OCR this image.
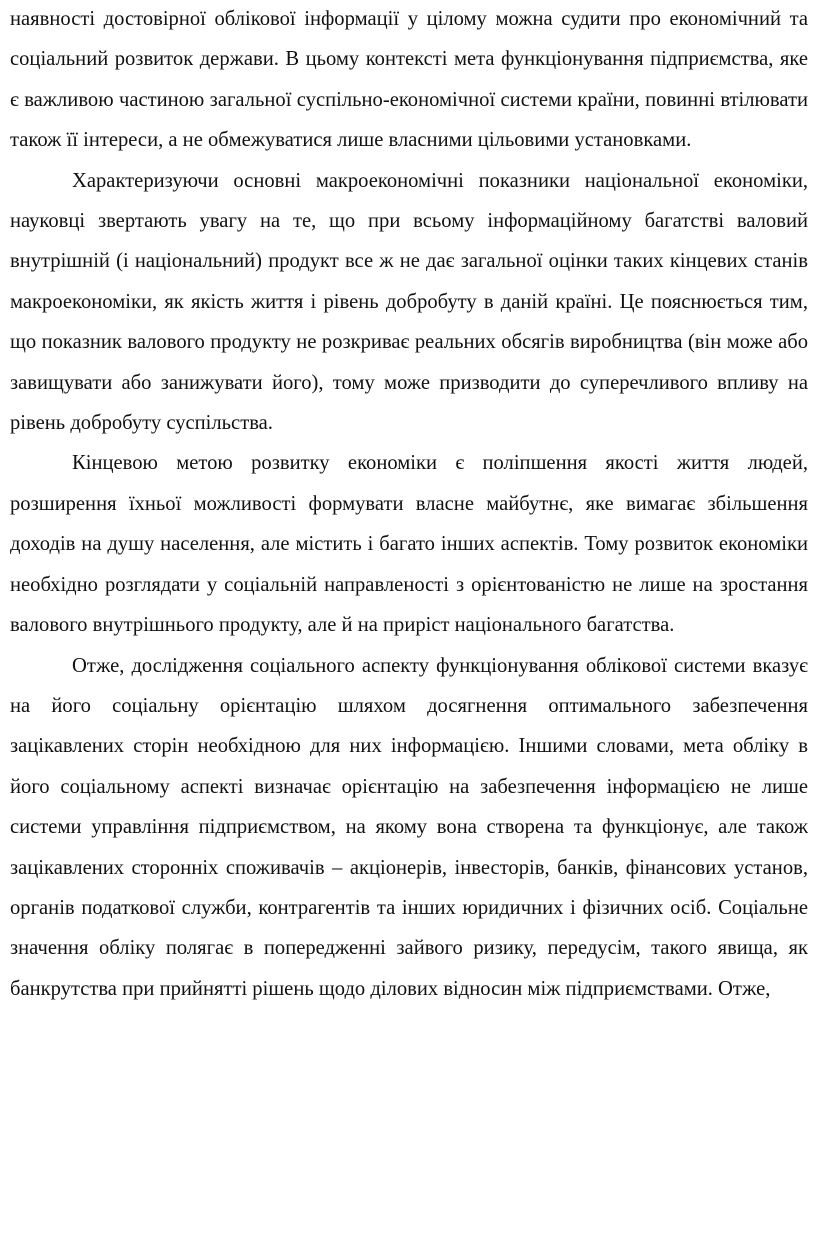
наявності достовірної облікової інформації у цілому можна судити про економічний та соціальний розвиток держави. В цьому контексті мета функціонування підприємства, яке є важливою частиною загальної суспільно-економічної системи країни, повинні втілювати також її інтереси, а не обмежуватися лише власними цільовими установками.

Характеризуючи основні макроекономічні показники національної економіки, науковці звертають увагу на те, що при всьому інформаційному багатстві валовий внутрішній (і національний) продукт все ж не дає загальної оцінки таких кінцевих станів макроекономіки, як якість життя і рівень добробуту в даній країні. Це пояснюється тим, що показник валового продукту не розкриває реальних обсягів виробництва (він може або завищувати або занижувати його), тому може призводити до суперечливого впливу на рівень добробуту суспільства.

Кінцевою метою розвитку економіки є поліпшення якості життя людей, розширення їхньої можливості формувати власне майбутнє, яке вимагає збільшення доходів на душу населення, але містить і багато інших аспектів. Тому розвиток економіки необхідно розглядати у соціальній направленості з орієнтованістю не лише на зростання валового внутрішнього продукту, але й на приріст національного багатства.

Отже, дослідження соціального аспекту функціонування облікової системи вказує на його соціальну орієнтацію шляхом досягнення оптимального забезпечення зацікавлених сторін необхідною для них інформацією. Іншими словами, мета обліку в його соціальному аспекті визначає орієнтацію на забезпечення інформацією не лише системи управління підприємством, на якому вона створена та функціонує, але також зацікавлених сторонніх споживачів – акціонерів, інвесторів, банків, фінансових установ, органів податкової служби, контрагентів та інших юридичних і фізичних осіб. Соціальне значення обліку полягає в попередженні зайвого ризику, передусім, такого явища, як банкрутства при прийнятті рішень щодо ділових відносин між підприємствами. Отже,
